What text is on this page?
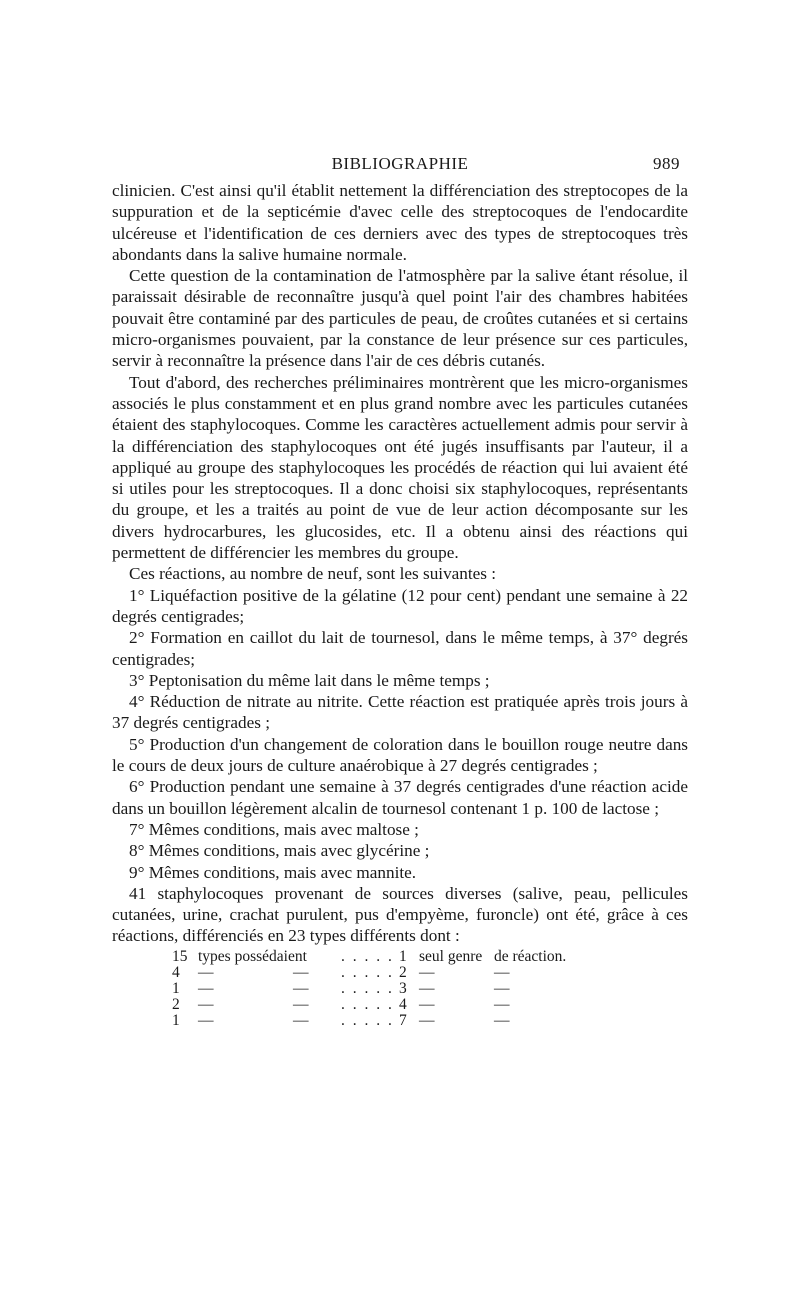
BIBLIOGRAPHIE	989

clinicien. C'est ainsi qu'il établit nettement la différenciation des streptocopes de la suppuration et de la septicémie d'avec celle des streptocoques de l'endocardite ulcéreuse et l'identification de ces derniers avec des types de streptocoques très abondants dans la salive humaine normale.

Cette question de la contamination de l'atmosphère par la salive étant résolue, il paraissait désirable de reconnaître jusqu'à quel point l'air des chambres habitées pouvait être contaminé par des particules de peau, de croûtes cutanées et si certains micro-organismes pouvaient, par la constance de leur présence sur ces particules, servir à reconnaître la présence dans l'air de ces débris cutanés.

Tout d'abord, des recherches préliminaires montrèrent que les micro-organismes associés le plus constamment et en plus grand nombre avec les particules cutanées étaient des staphylocoques. Comme les caractères actuellement admis pour servir à la différenciation des staphylocoques ont été jugés insuffisants par l'auteur, il a appliqué au groupe des staphylocoques les procédés de réaction qui lui avaient été si utiles pour les streptocoques. Il a donc choisi six staphylocoques, représentants du groupe, et les a traités au point de vue de leur action décomposante sur les divers hydrocarbures, les glucosides, etc. Il a obtenu ainsi des réactions qui permettent de différencier les membres du groupe.

Ces réactions, au nombre de neuf, sont les suivantes :

1° Liquéfaction positive de la gélatine (12 pour cent) pendant une semaine à 22 degrés centigrades;

2° Formation en caillot du lait de tournesol, dans le même temps, à 37° degrés centigrades;

3° Peptonisation du même lait dans le même temps ;

4° Réduction de nitrate au nitrite. Cette réaction est pratiquée après trois jours à 37 degrés centigrades ;

5° Production d'un changement de coloration dans le bouillon rouge neutre dans le cours de deux jours de culture anaérobique à 27 degrés centigrades ;

6° Production pendant une semaine à 37 degrés centigrades d'une réaction acide dans un bouillon légèrement alcalin de tournesol contenant 1 p. 100 de lactose ;

7° Mêmes conditions, mais avec maltose ;

8° Mêmes conditions, mais avec glycérine ;

9° Mêmes conditions, mais avec mannite.

41 staphylocoques provenant de sources diverses (salive, peau, pellicules cutanées, urine, crachat purulent, pus d'empyème, furoncle) ont été, grâce à ces réactions, différenciés en 23 types différents dont :

15 types possédaient . . . . . 1 seul genre de réaction.
4	—	—	. . . . . 2 —	—
1	—	—	. . . . . 3 —	—
2	—	—	. . . . . 4 —	—
1	—	—	. . . . . 7 —	—
